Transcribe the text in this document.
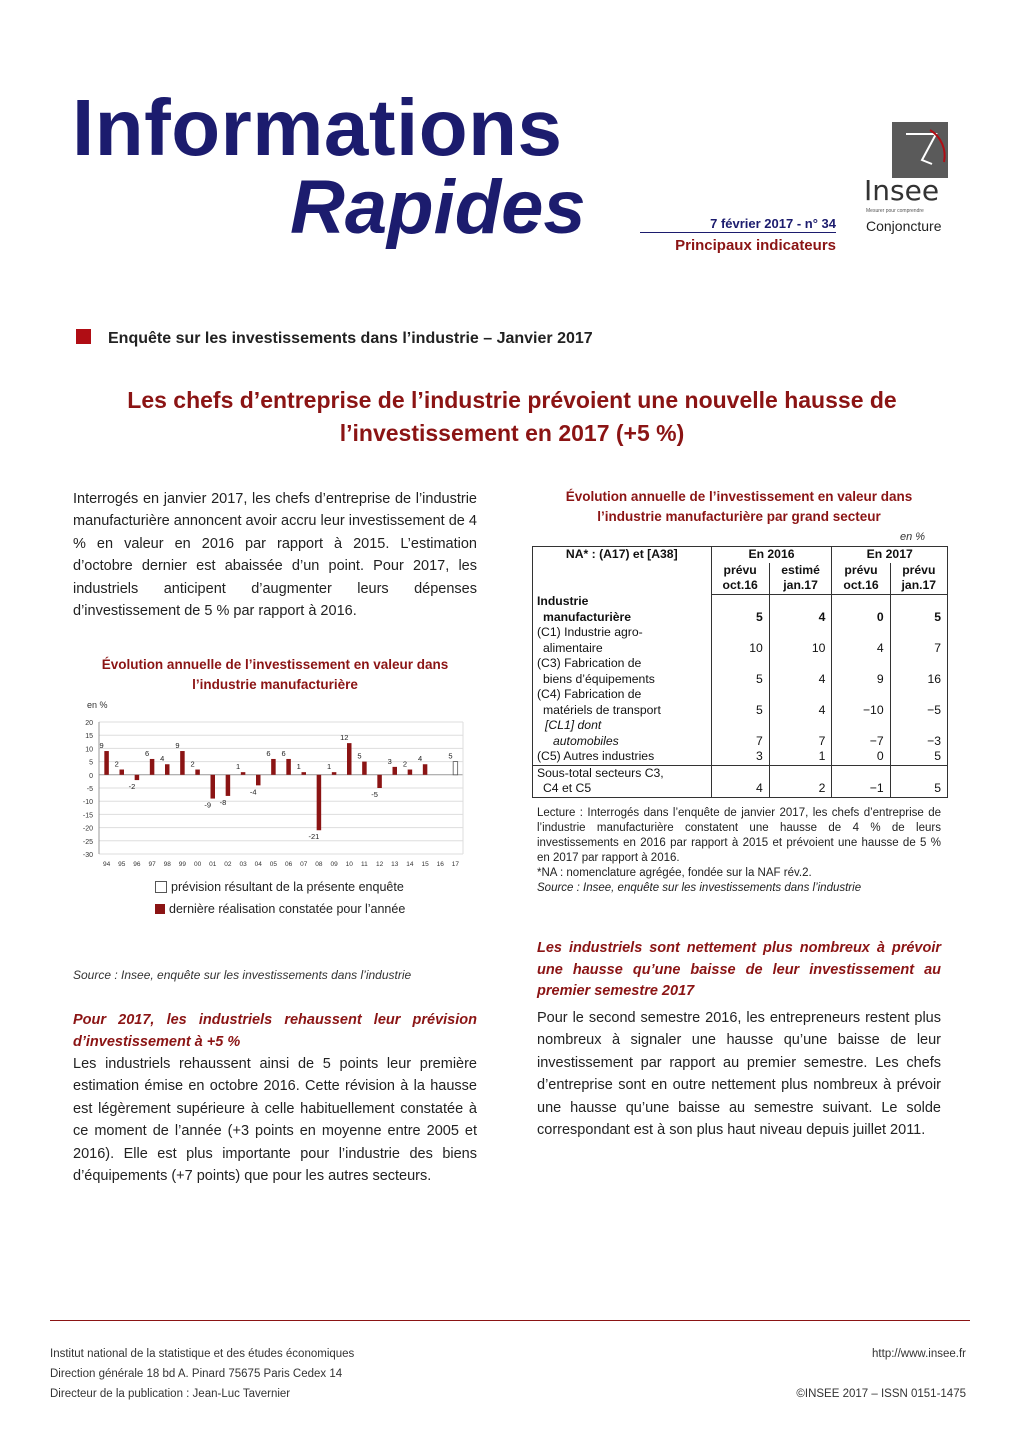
Informations
Rapides	7 février 2017 - n° 34
Principaux indicateurs
Insee
Mesurer pour comprendre
Conjoncture
Enquête sur les investissements dans l’industrie – Janvier 2017
Les chefs d’entreprise de l’industrie prévoient une nouvelle hausse de
l’investissement en 2017 (+5 %)

Interrogés en janvier 2017, les chefs d’entreprise de l’industrie manufacturière annoncent avoir accru leur investissement de 4 % en valeur en 2016 par rapport à 2015. L’estimation d’octobre dernier est abaissée d’un point. Pour 2017, les industriels anticipent d’augmenter leurs dépenses d’investissement de 5 % par rapport à 2016.

Évolution annuelle de l’investissement en valeur dans
l’industrie manufacturière
en %
20
15
10
5
0
-5
-10
-15
-20
-25
-30
94 95 96 97 98 99 00 01 02 03 04 05 06 07 08 09 10 11 12 13 14 15 16 17
9
2
-2
6
4
9
2
-9 -8
1
-4
6 6
1
-21
1
12
5
-5
3 2
4	5
prévision résultant de la présente enquête
dernière réalisation constatée pour l’année
Source : Insee, enquête sur les investissements dans l’industrie
Pour 2017, les industriels rehaussent leur prévision d’investissement à +5 %

Les industriels rehaussent ainsi de 5 points leur première estimation émise en octobre 2016. Cette révision à la hausse est légèrement supérieure à celle habituellement constatée à ce moment de l’année (+3 points en moyenne entre 2005 et 2016). Elle est plus importante pour l’industrie des biens d’équipements (+7 points) que pour les autres secteurs.

Évolution annuelle de l’investissement en valeur dans
l’industrie manufacturière par grand secteur
en %
NA* : (A17) et [A38]	En 2016		En 2017	
	prévu	estimé	prévu	prévu
	oct.16	jan.17	oct.16	jan.17

Industrie
manufacturière	5	4	0	5

(C1) Industrie agro-
alimentaire	10	10	4	7

(C3) Fabrication de
biens d’équipements	5	4	9	16

(C4) Fabrication de
matériels de transport	5	4	−10	−5

[CL1] dont
automobiles	7	7	−7	−3

(C5) Autres industries	3	1	0	5

Sous-total secteurs C3,
C4 et C5	4	2	−1	5
Lecture : Interrogés dans l’enquête de janvier 2017, les chefs d’entreprise de l’industrie manufacturière constatent une hausse de 4 % de leurs investissements en 2016 par rapport à 2015 et prévoient une hausse de 5 % en 2017 par rapport à 2016.
*NA : nomenclature agrégée, fondée sur la NAF rév.2.
Source : Insee, enquête sur les investissements dans l’industrie
Les industriels sont nettement plus nombreux à prévoir une hausse qu’une baisse de leur investissement au premier semestre 2017

Pour le second semestre 2016, les entrepreneurs restent plus nombreux à signaler une hausse qu’une baisse de leur investissement par rapport au premier semestre. Les chefs d’entreprise sont en outre nettement plus nombreux à prévoir une hausse qu’une baisse au semestre suivant. Le solde correspondant est à son plus haut niveau depuis juillet 2011.

Institut national de la statistique et des études économiques
Direction générale 18 bd A. Pinard 75675 Paris Cedex 14
Directeur de la publication : Jean-Luc Tavernier
http://www.insee.fr

©INSEE 2017 – ISSN 0151-1475
